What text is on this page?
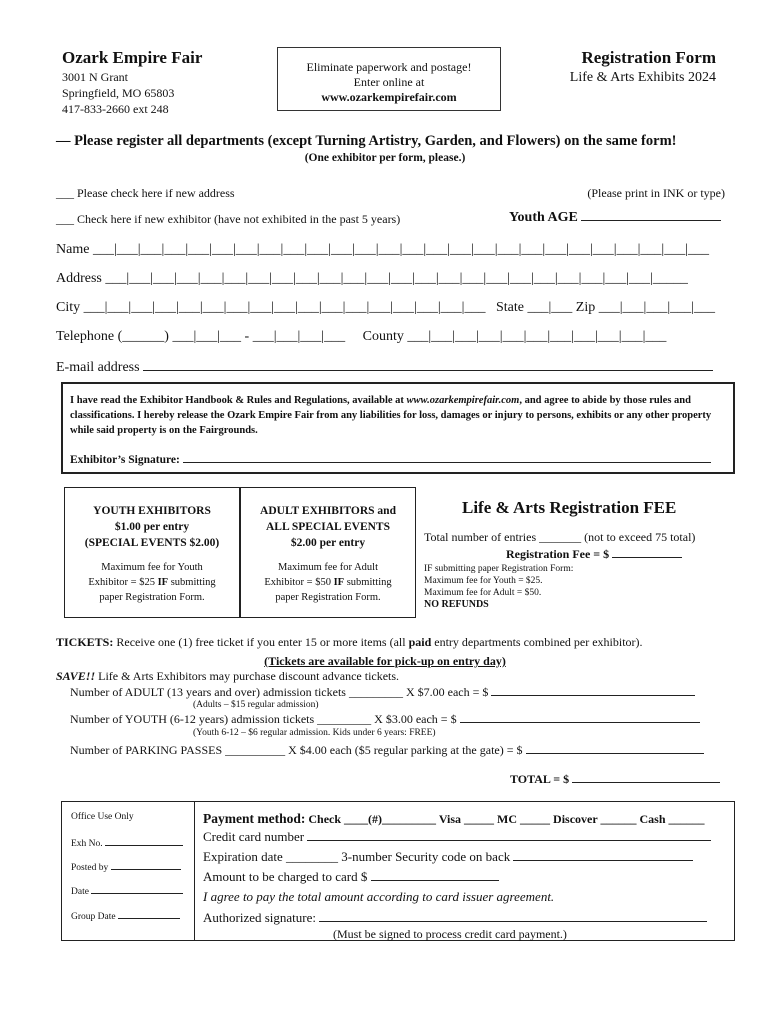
Ozark Empire Fair
3001 N Grant
Springfield, MO 65803
417-833-2660 ext 248
Eliminate paperwork and postage!
Enter online at
www.ozarkempirefair.com
Registration Form
Life & Arts Exhibits 2024
— Please register all departments (except Turning Artistry, Garden, and Flowers) on the same form!
(One exhibitor per form, please.)
___ Please check here if new address	(Please print in INK or type)
___ Check here if new exhibitor (have not exhibited in the past 5 years)	Youth AGE
Name ___|___|___|___|___|___|___|___|___|___|___|___|___|___|___|___|___|___|___|___|___|___|___|___|___|___
Address ___|___|___|___|___|___|___|___|___|___|___|___|___|___|___|___|___|___|___|___|___|___|___|_____
City ___|___|___|___|___|___|___|___|___|___|___|___|___|___|___|___|___ State ___|___ Zip ___|___|___|___|___
Telephone (______) ___|___|___ - ___|___|___|___ County ___|___|___|___|___|___|___|___|___|___|___
E-mail address
I have read the Exhibitor Handbook & Rules and Regulations, available at www.ozarkempirefair.com, and agree to abide by those rules and classifications. I hereby release the Ozark Empire Fair from any liabilities for loss, damages or injury to persons, exhibits or any other property while said property is on the Fairgrounds.
Exhibitor’s Signature:
YOUTH EXHIBITORS
$1.00 per entry
(SPECIAL EVENTS $2.00)
Maximum fee for Youth
Exhibitor = $25 IF submitting
paper Registration Form.
ADULT EXHIBITORS and
ALL SPECIAL EVENTS
$2.00 per entry
Maximum fee for Adult
Exhibitor = $50 IF submitting
paper Registration Form.
Life & Arts Registration FEE
Total number of entries _______ (not to exceed 75 total)
Registration Fee = $
IF submitting paper Registration Form:
Maximum fee for Youth = $25.
Maximum fee for Adult = $50.
NO REFUNDS
TICKETS: Receive one (1) free ticket if you enter 15 or more items (all paid entry departments combined per exhibitor).
(Tickets are available for pick-up on entry day)
SAVE!! Life & Arts Exhibitors may purchase discount advance tickets.
Number of ADULT (13 years and over) admission tickets _________ X $7.00 each = $
(Adults – $15 regular admission)
Number of YOUTH (6-12 years) admission tickets _________ X $3.00 each = $
(Youth 6-12 – $6 regular admission. Kids under 6 years: FREE)
Number of PARKING PASSES __________ X $4.00 each ($5 regular parking at the gate) = $
TOTAL = $
Office Use Only
Exh No.
Posted by
Date
Group Date
Payment method: Check ____(#)_________ Visa _____ MC _____ Discover ______ Cash ______
Credit card number
Expiration date ________ 3-number Security code on back
Amount to be charged to card $
I agree to pay the total amount according to card issuer agreement.
Authorized signature:
(Must be signed to process credit card payment.)
